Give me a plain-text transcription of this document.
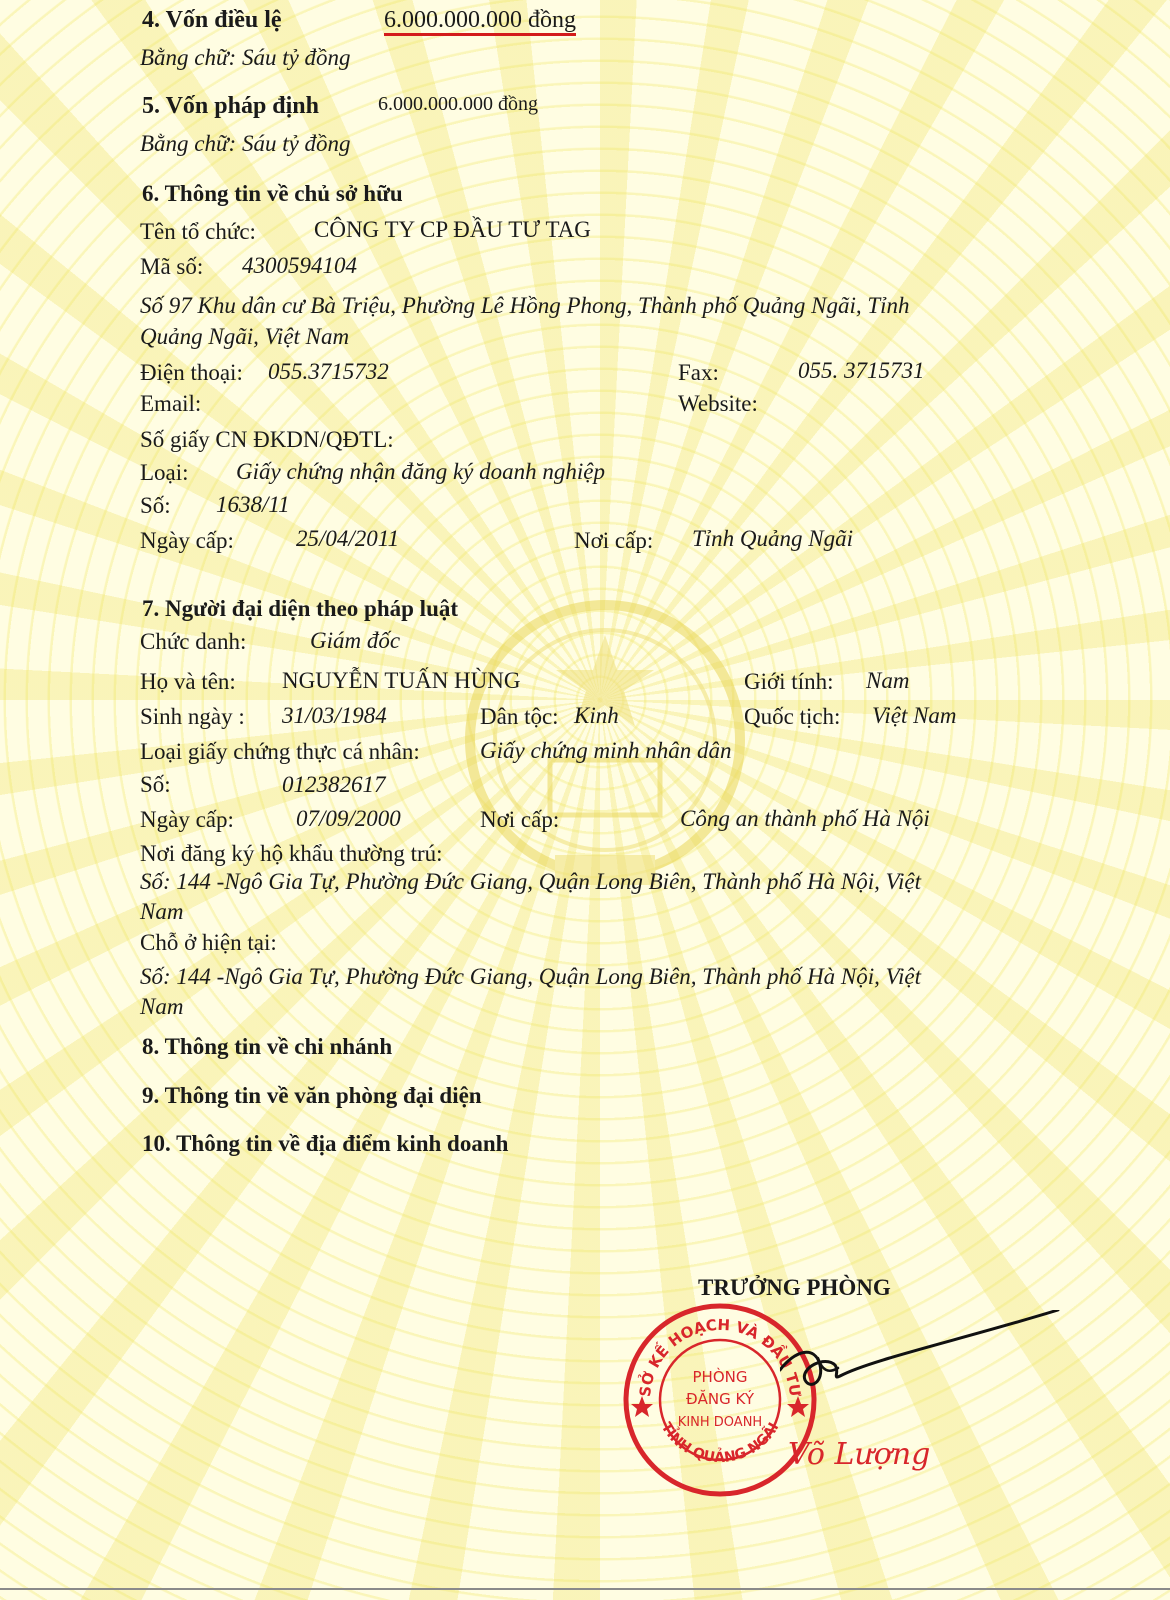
4. Vốn điều lệ	6.000.000.000 đồng
Bằng chữ: Sáu tỷ đồng
5. Vốn pháp định	6.000.000.000 đồng
Bằng chữ: Sáu tỷ đồng
6. Thông tin về chủ sở hữu
Tên tổ chức:	CÔNG TY CP ĐẦU TƯ TAG
Mã số: 4300594104
Số 97 Khu dân cư Bà Triệu, Phường Lê Hồng Phong, Thành phố Quảng Ngãi, Tỉnh
Quảng Ngãi, Việt Nam
Điện thoại: 055.3715732	Fax:	055. 3715731
Email:	Website:
Số giấy CN ĐKDN/QĐTL:
Loại: Giấy chứng nhận đăng ký doanh nghiệp
Số: 1638/11
Ngày cấp:	25/04/2011	Nơi cấp: Tỉnh Quảng Ngãi
7. Người đại diện theo pháp luật
Chức danh:	Giám đốc
Họ và tên: NGUYỄN TUẤN HÙNG	Giới tính: Nam
Sinh ngày : 31/03/1984	Dân tộc: Kinh	Quốc tịch: Việt Nam
Loại giấy chứng thực cá nhân:	Giấy chứng minh nhân dân
Số:	012382617
Ngày cấp:	07/09/2000	Nơi cấp:	Công an thành phố Hà Nội
Nơi đăng ký hộ khẩu thường trú:
Số: 144 -Ngô Gia Tự, Phường Đức Giang, Quận Long Biên, Thành phố Hà Nội, Việt
Nam
Chỗ ở hiện tại:
Số: 144 -Ngô Gia Tự, Phường Đức Giang, Quận Long Biên, Thành phố Hà Nội, Việt
Nam
8. Thông tin về chi nhánh
9. Thông tin về văn phòng đại diện
10. Thông tin về địa điểm kinh doanh
TRƯỞNG PHÒNG
SỞ KẾ HOẠCH VÀ ĐẦU TƯ
TỈNH QUẢNG NGÃI
PHÒNG
ĐĂNG KÝ
KINH DOANH
Võ Lượng
